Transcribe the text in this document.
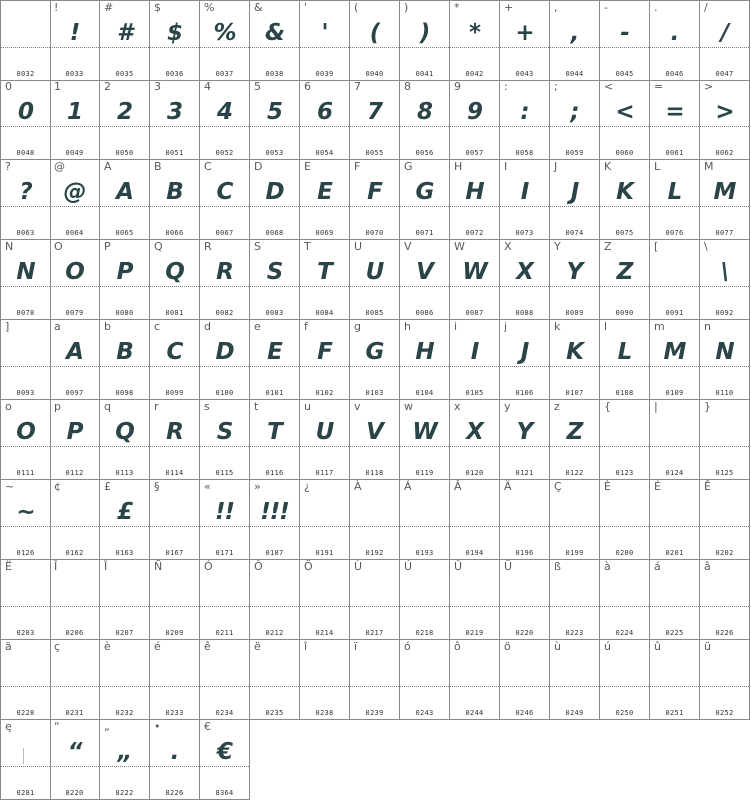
0032
!
!
0033
#
#
0035
$
$
0036
%
%
0037
&
&
0038
'
'
0039
(
(
0040
)
)
0041
*
*
0042
+
+
0043
,
,
0044
-
-
0045
.
.
0046
/
/
0047
0
0
0048
1
1
0049
2
2
0050
3
3
0051
4
4
0052
5
5
0053
6
6
0054
7
7
0055
8
8
0056
9
9
0057
:
:
0058
;
;
0059
<
<
0060
=
=
0061
>
>
0062
?
?
0063
@
@
0064
A
A
0065
B
B
0066
C
C
0067
D
D
0068
E
E
0069
F
F
0070
G
G
0071
H
H
0072
I
I
0073
J
J
0074
K
K
0075
L
L
0076
M
M
0077
N
N
0078
O
O
0079
P
P
0080
Q
Q
0081
R
R
0082
S
S
0083
T
T
0084
U
U
0085
V
V
0086
W
W
0087
X
X
0088
Y
Y
0089
Z
Z
0090
[
0091
\
\
0092
]
0093
a
A
0097
b
B
0098
c
C
0099
d
D
0100
e
E
0101
f
F
0102
g
G
0103
h
H
0104
i
I
0105
j
J
0106
k
K
0107
l
L
0108
m
M
0109
n
N
0110
o
O
0111
p
P
0112
q
Q
0113
r
R
0114
s
S
0115
t
T
0116
u
U
0117
v
V
0118
w
W
0119
x
X
0120
y
Y
0121
z
Z
0122
{
0123
|
0124
}
0125
~
~
0126
¢
0162
£
£
0163
§
0167
«
!!
0171
»
!!!
0187
¿
0191
À
0192
Á
0193
Â
0194
Ä
0196
Ç
0199
È
0200
É
0201
Ê
0202
Ë
0203
Î
0206
Ï
0207
Ñ
0209
Ó
0211
Ô
0212
Ö
0214
Ù
0217
Ú
0218
Û
0219
Ü
0220
ß
0223
à
0224
á
0225
â
0226
ä
0228
ç
0231
è
0232
é
0233
ê
0234
ë
0235
î
0238
ï
0239
ó
0243
ô
0244
ö
0246
ù
0249
ú
0250
û
0251
ü
0252
ę
0281
“
“
8220
„
„
8222
•
.
8226
€
€
8364
